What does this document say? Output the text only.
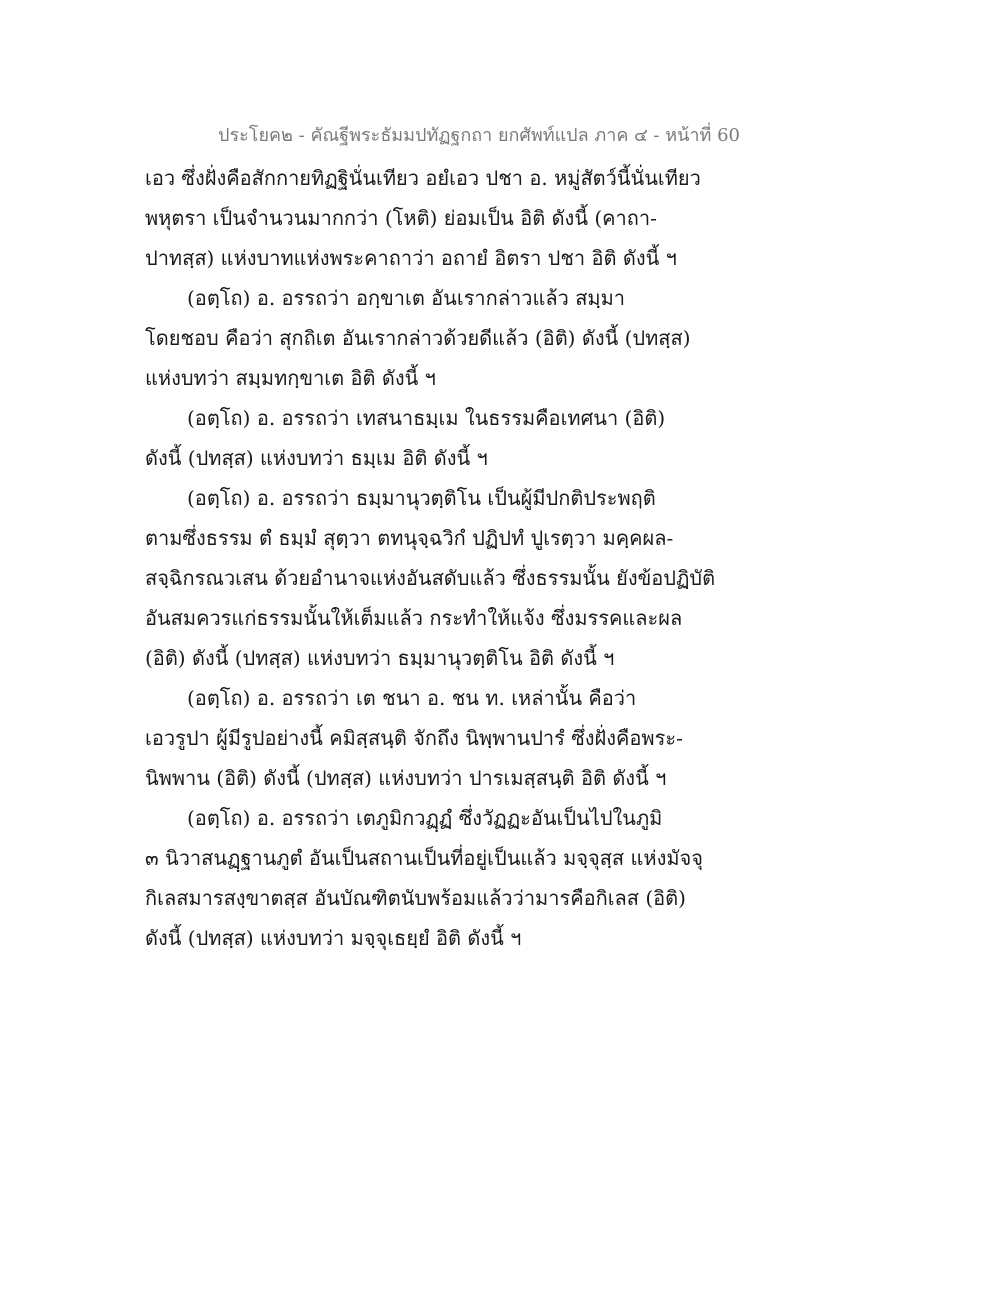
ประโยค๒ - คัณฐีพระธัมมปทัฏฐกถา ยกศัพท์แปล ภาค ๔ - หน้าที่ 60
เอว ซึ่งฝั่งคือสักกายทิฏฐินั่นเทียว อยํเอว ปชา อ. หมู่สัตว์นี้นั่นเทียว
พหุตรา เป็นจำนวนมากกว่า (โหติ) ย่อมเป็น อิติ ดังนี้ (คาถา-
ปาทสฺส) แห่งบาทแห่งพระคาถาว่า อถายํ อิตรา ปชา อิติ ดังนี้ ฯ
(อตฺโถ) อ. อรรถว่า อกฺขาเต อันเรากล่าวแล้ว สมฺมา
โดยชอบ คือว่า สุกถิเต อันเรากล่าวด้วยดีแล้ว (อิติ) ดังนี้ (ปทสฺส)
แห่งบทว่า สมฺมทกฺขาเต อิติ ดังนี้ ฯ
(อตฺโถ) อ. อรรถว่า เทสนาธมฺเม ในธรรมคือเทศนา (อิติ)
ดังนี้ (ปทสฺส) แห่งบทว่า ธมฺเม อิติ ดังนี้ ฯ
(อตฺโถ) อ. อรรถว่า ธมฺมานุวตฺติโน เป็นผู้มีปกติประพฤติ
ตามซึ่งธรรม ตํ ธมฺมํ สุตฺวา ตทนุจฺฉวิกํ ปฏิปทํ ปูเรตฺวา มคฺคผล-
สจฺฉิกรณวเสน ด้วยอำนาจแห่งอันสดับแล้ว ซึ่งธรรมนั้น ยังข้อปฏิบัติ
อันสมควรแก่ธรรมนั้นให้เต็มแล้ว กระทำให้แจ้ง ซึ่งมรรคและผล
(อิติ) ดังนี้ (ปทสฺส) แห่งบทว่า ธมฺมานุวตฺติโน อิติ ดังนี้ ฯ
(อตฺโถ) อ. อรรถว่า เต ชนา อ. ชน ท. เหล่านั้น คือว่า
เอวรูปา ผู้มีรูปอย่างนี้ คมิสฺสนฺติ จักถึง นิพฺพานปารํ ซึ่งฝั่งคือพระ-
นิพพาน (อิติ) ดังนี้ (ปทสฺส) แห่งบทว่า ปารเมสฺสนฺติ อิติ ดังนี้ ฯ
(อตฺโถ) อ. อรรถว่า เตภูมิกวฏฺฏํ ซึ่งวัฏฏะอันเป็นไปในภูมิ
๓ นิวาสนฏฺฐานภูตํ อันเป็นสถานเป็นที่อยู่เป็นแล้ว มจฺจุสฺส แห่งมัจจุ
กิเลสมารสงฺขาตสฺส อันบัณฑิตนับพร้อมแล้วว่ามารคือกิเลส (อิติ)
ดังนี้ (ปทสฺส) แห่งบทว่า มจฺจุเธยฺยํ อิติ ดังนี้ ฯ
